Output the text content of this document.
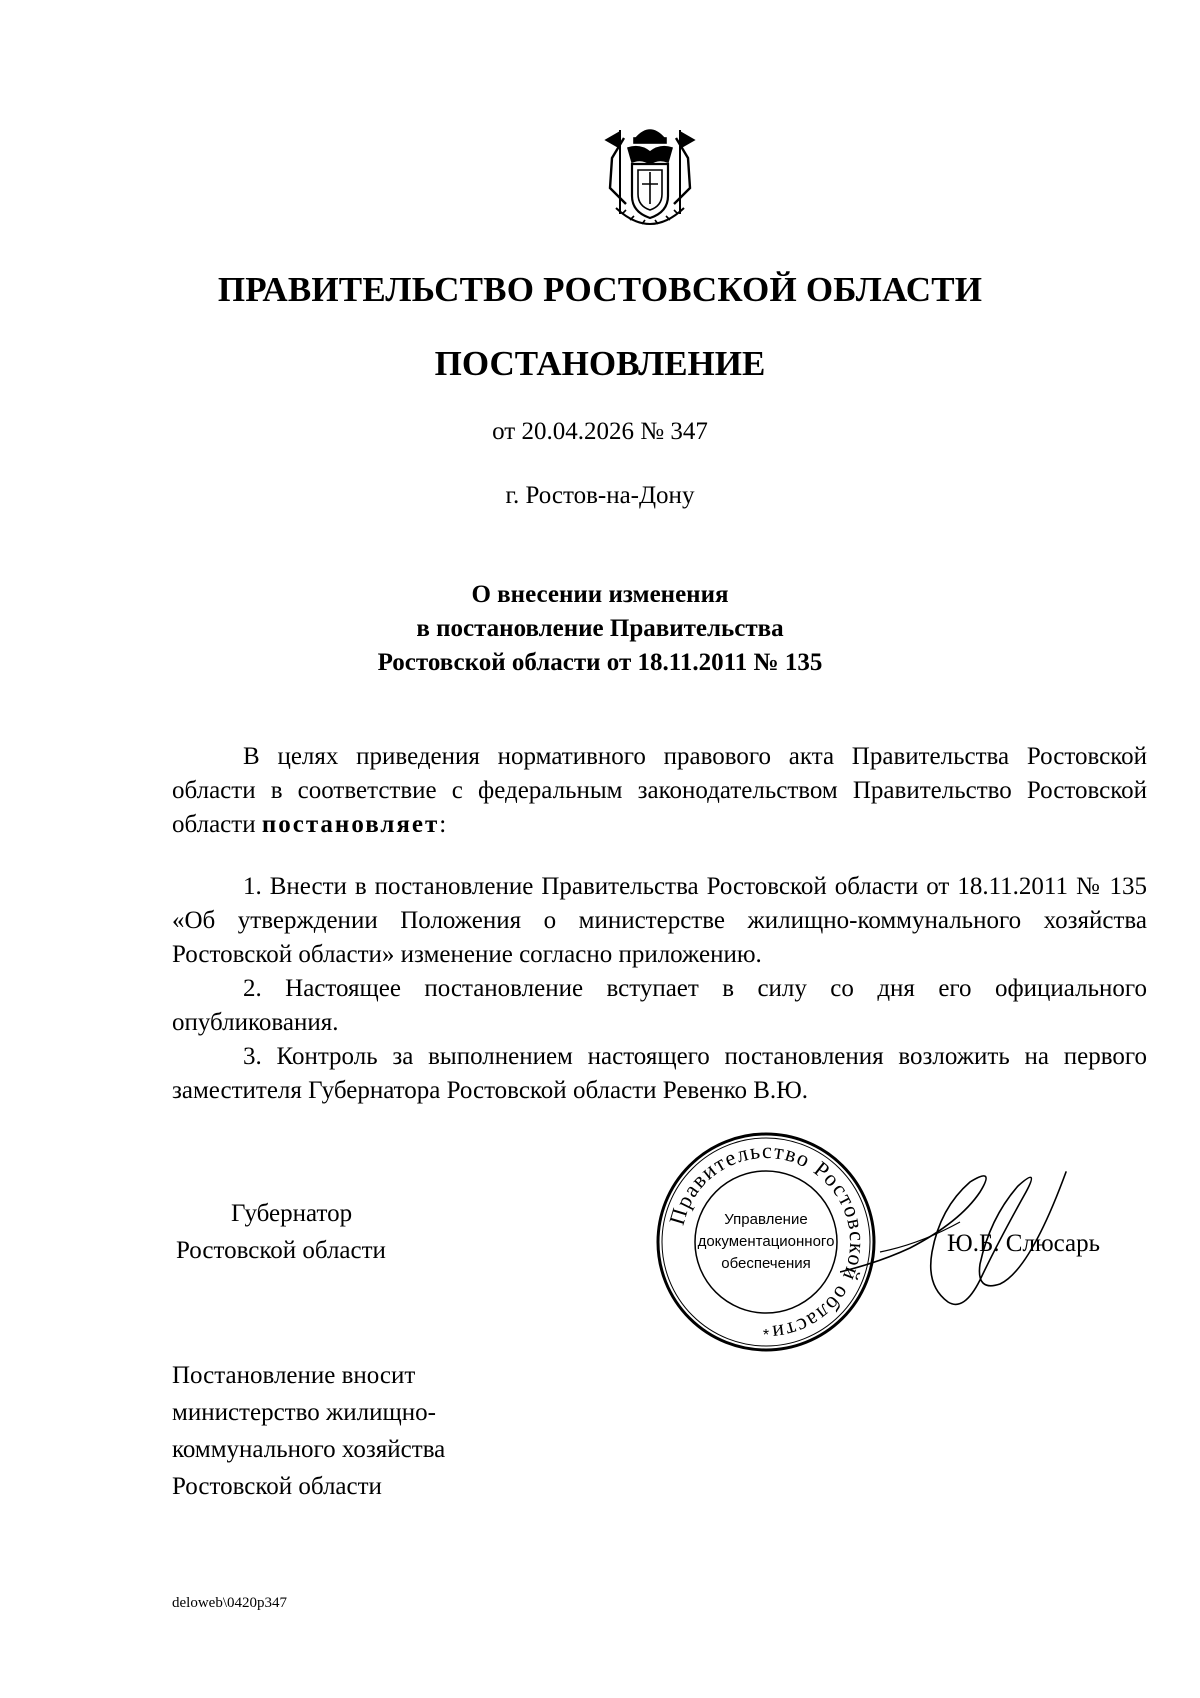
ПРАВИТЕЛЬСТВО РОСТОВСКОЙ ОБЛАСТИ
ПОСТАНОВЛЕНИЕ
от 20.04.2026 № 347
г. Ростов-на-Дону
О внесении изменения
в постановление Правительства
Ростовской области от 18.11.2011 № 135
В целях приведения нормативного правового акта Правительства Ростовской области в соответствие с федеральным законодательством Правительство Ростовской области постановляет:
1. Внести в постановление Правительства Ростовской области от 18.11.2011 № 135 «Об утверждении Положения о министерстве жилищно-коммунального хозяйства Ростовской области» изменение согласно приложению.
2. Настоящее постановление вступает в силу со дня его официального опубликования.
3. Контроль за выполнением настоящего постановления возложить на первого заместителя Губернатора Ростовской области Ревенко В.Ю.
Губернатор
Ростовской области
Правительство Ростовской области
Управление
документационного
обеспечения
*
Ю.Б. Слюсарь
Постановление вносит
министерство жилищно-
коммунального хозяйства
Ростовской области
deloweb\0420p347
